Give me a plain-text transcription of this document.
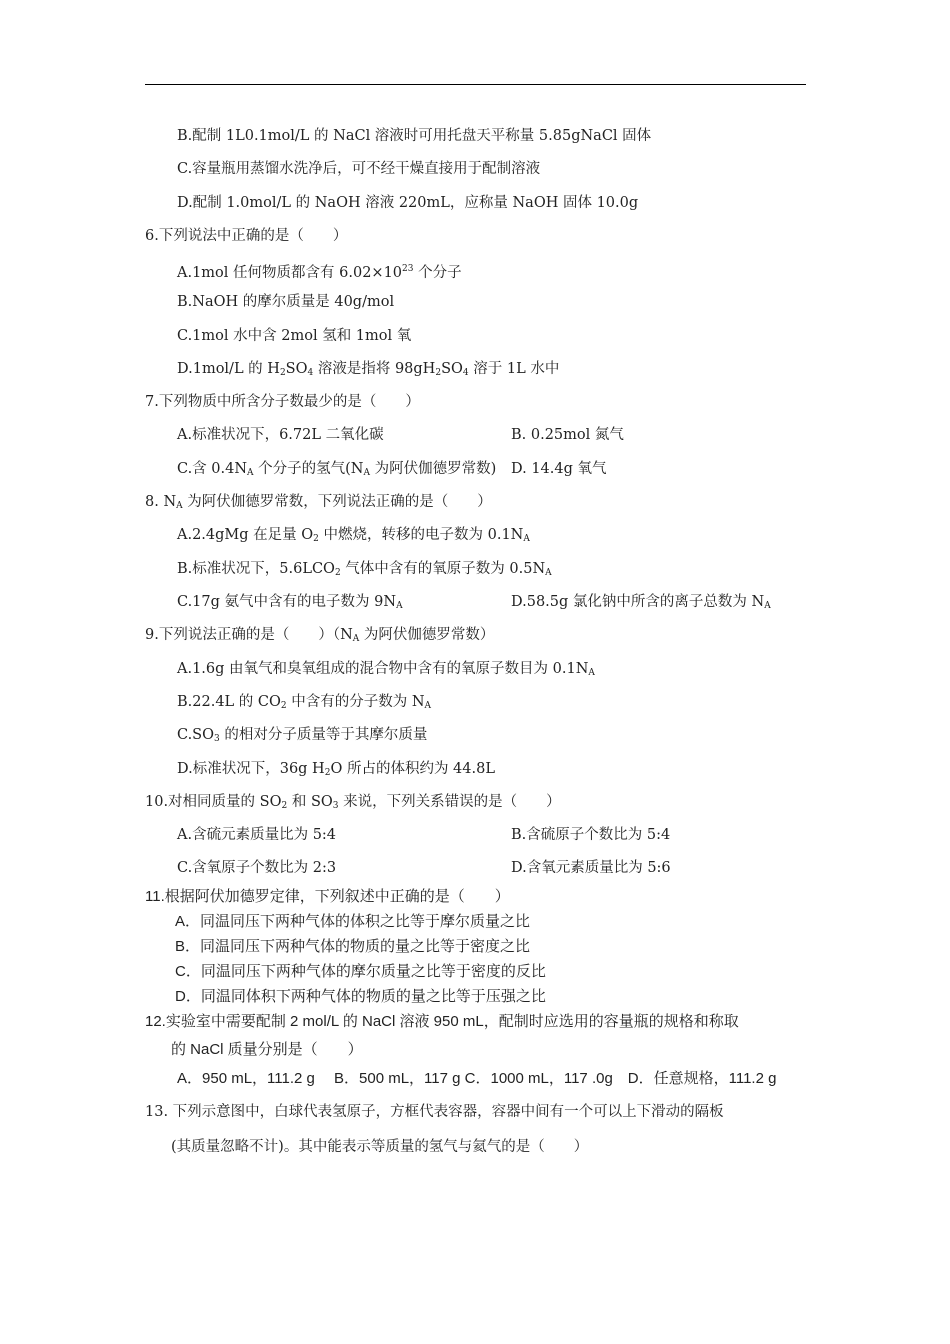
B.配制 1L0.1mol/L 的 NaCl 溶液时可用托盘天平称量 5.85gNaCl 固体
C.容量瓶用蒸馏水洗净后，可不经干燥直接用于配制溶液
D.配制 1.0mol/L 的 NaOH 溶液 220mL，应称量 NaOH 固体 10.0g
6.下列说法中正确的是（　　）
A.1mol 任何物质都含有 $6.02\times 10^{23}$ 个分子
B.NaOH 的摩尔质量是 40g/mol
C.1mol 水中含 2mol 氢和 1mol 氧
D.1mol/L 的 $H_2SO_4$ 溶液是指将 $98gH_2SO_4$ 溶于 1L 水中
7.下列物质中所含分子数最少的是（　　）
A.标准状况下，6.72L 二氧化碳	B. 0.25mol 氮气
C.含 $0.4N_A$ 个分子的氢气($N_A$ 为阿伏伽德罗常数) D. 14.4g 氧气
8. $N_A$ 为阿伏伽德罗常数，下列说法正确的是（　　）
A.2.4gMg 在足量 $O_2$ 中燃烧，转移的电子数为 $0.1N_A$
B.标准状况下，$5.6LCO_2$ 气体中含有的氧原子数为 $0.5N_A$
C.17g 氨气中含有的电子数为 $9N_A$	D.58.5g 氯化钠中所含的离子总数为 $N_A$
9.下列说法正确的是（　　）（$N_A$ 为阿伏伽德罗常数）
A.1.6g 由氧气和臭氧组成的混合物中含有的氧原子数目为 $0.1N_A$
B.22.4L 的 $CO_2$ 中含有的分子数为 $N_A$
$C.SO_3$ 的相对分子质量等于其摩尔质量
D.标准状况下，36g $H_2O$ 所占的体积约为 44.8L
10.对相同质量的 $SO_2$ 和 $SO_3$ 来说，下列关系错误的是（　　）
A.含硫元素质量比为 5:4	B.含硫原子个数比为 5:4
C.含氧原子个数比为 2:3	D.含氧元素质量比为 5:6
11.根据阿伏加德罗定律，下列叙述中正确的是（　　）
A．同温同压下两种气体的体积之比等于摩尔质量之比
B．同温同压下两种气体的物质的量之比等于密度之比
C．同温同压下两种气体的摩尔质量之比等于密度的反比
D．同温同体积下两种气体的物质的量之比等于压强之比
12.实验室中需要配制 2 mol/L 的 NaCl 溶液 950 mL，配制时应选用的容量瓶的规格和称取
的 NaCl 质量分别是（　　）
A．950 mL，111.2 g　 B．500 mL，117 g C．1000 mL，117 .0g　D．任意规格，111.2 g
13. 下列示意图中，白球代表氢原子，方框代表容器，容器中间有一个可以上下滑动的隔板
(其质量忽略不计)。其中能表示等质量的氢气与氦气的是（　　）
